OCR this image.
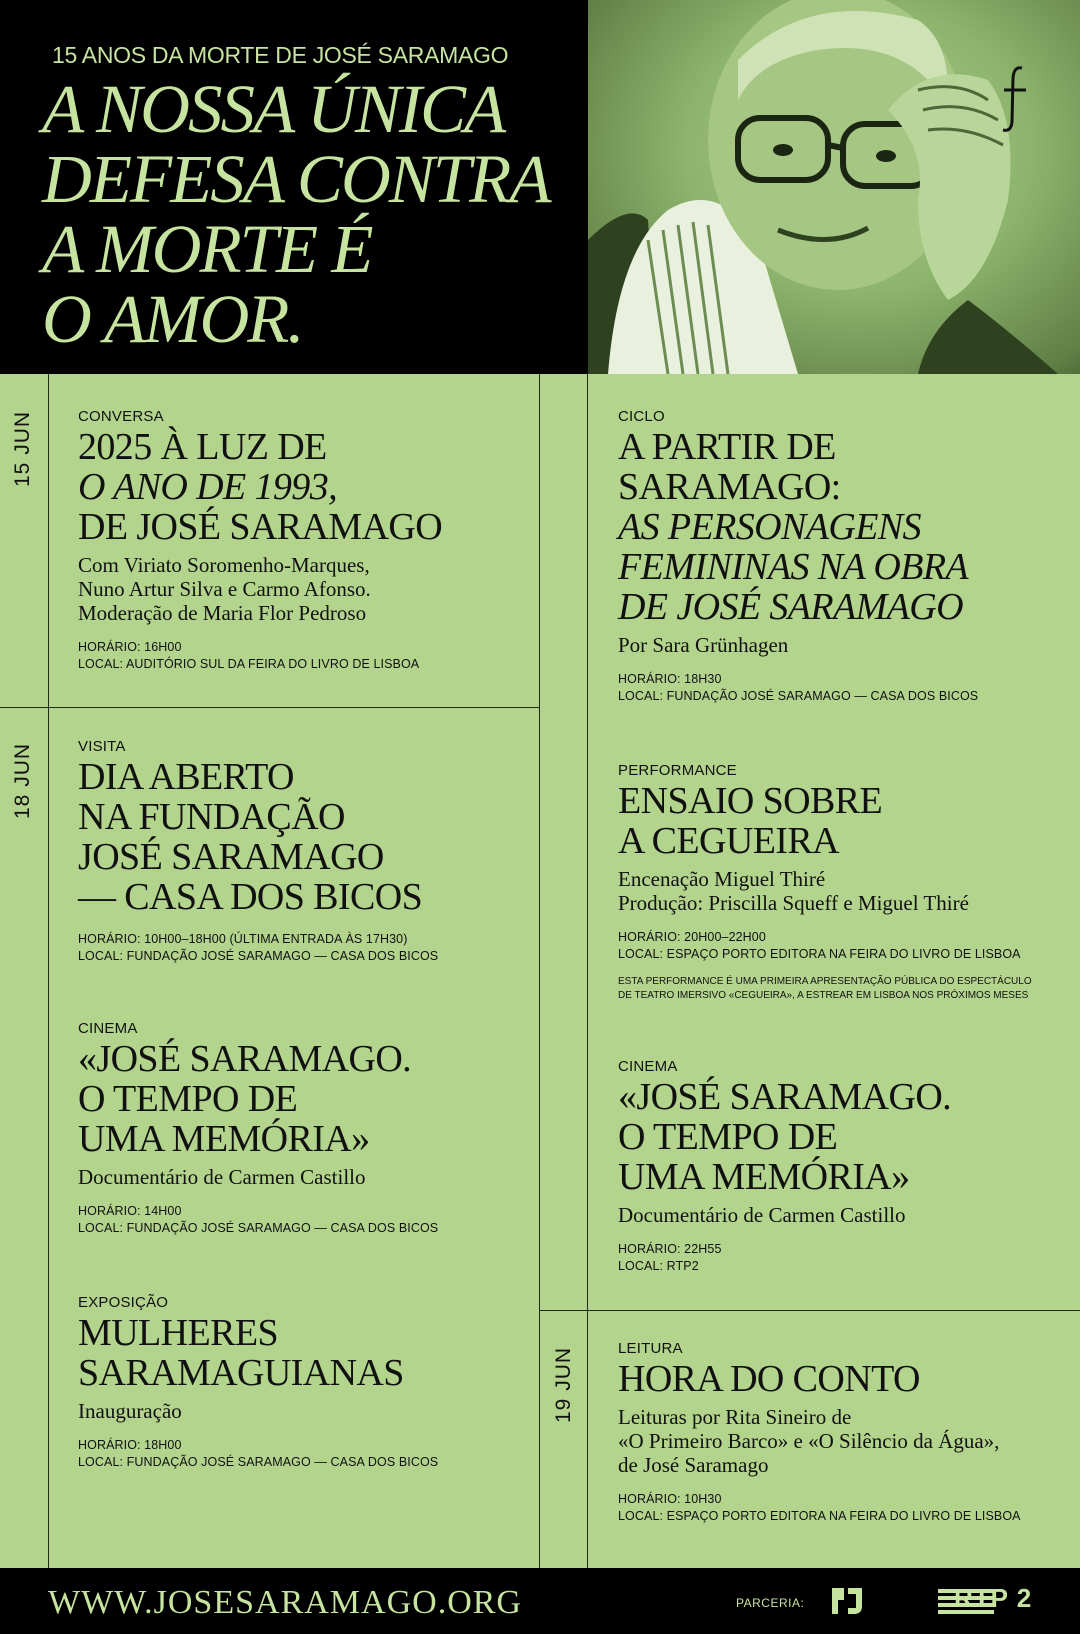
15 ANOS DA MORTE DE JOSÉ SARAMAGO
A NOSSA ÚNICA
DEFESA CONTRA
A MORTE É
O AMOR.
15 JUN
18 JUN
19 JUN
CONVERSA
2025 À LUZ DE
O ANO DE 1993,
DE JOSÉ SARAMAGO
Com Viriato Soromenho-Marques,
Nuno Artur Silva e Carmo Afonso.
Moderação de Maria Flor Pedroso
HORÁRIO: 16H00
LOCAL: AUDITÓRIO SUL DA FEIRA DO LIVRO DE LISBOA
VISITA
DIA ABERTO
NA FUNDAÇÃO
JOSÉ SARAMAGO
— CASA DOS BICOS
HORÁRIO: 10H00–18H00 (ÚLTIMA ENTRADA ÀS 17H30)
LOCAL: FUNDAÇÃO JOSÉ SARAMAGO — CASA DOS BICOS
CINEMA
«JOSÉ SARAMAGO.
O TEMPO DE
UMA MEMÓRIA»
Documentário de Carmen Castillo
HORÁRIO: 14H00
LOCAL: FUNDAÇÃO JOSÉ SARAMAGO — CASA DOS BICOS
EXPOSIÇÃO
MULHERES
SARAMAGUIANAS
Inauguração
HORÁRIO: 18H00
LOCAL: FUNDAÇÃO JOSÉ SARAMAGO — CASA DOS BICOS
CICLO
A PARTIR DE
SARAMAGO:
AS PERSONAGENS
FEMININAS NA OBRA
DE JOSÉ SARAMAGO
Por Sara Grünhagen
HORÁRIO: 18H30
LOCAL: FUNDAÇÃO JOSÉ SARAMAGO — CASA DOS BICOS
PERFORMANCE
ENSAIO SOBRE
A CEGUEIRA
Encenação Miguel Thiré
Produção: Priscilla Squeff e Miguel Thiré
HORÁRIO: 20H00–22H00
LOCAL: ESPAÇO PORTO EDITORA NA FEIRA DO LIVRO DE LISBOA
ESTA PERFORMANCE É UMA PRIMEIRA APRESENTAÇÃO PÚBLICA DO ESPECTÁCULO
DE TEATRO IMERSIVO «CEGUEIRA», A ESTREAR EM LISBOA NOS PRÓXIMOS MESES
CINEMA
«JOSÉ SARAMAGO.
O TEMPO DE
UMA MEMÓRIA»
Documentário de Carmen Castillo
HORÁRIO: 22H55
LOCAL: RTP2
LEITURA
HORA DO CONTO
Leituras por Rita Sineiro de
«O Primeiro Barco» e «O Silêncio da Água»,
de José Saramago
HORÁRIO: 10H30
LOCAL: ESPAÇO PORTO EDITORA NA FEIRA DO LIVRO DE LISBOA
WWW.JOSESARAMAGO.ORG	PARCERIA:	RTP 2
